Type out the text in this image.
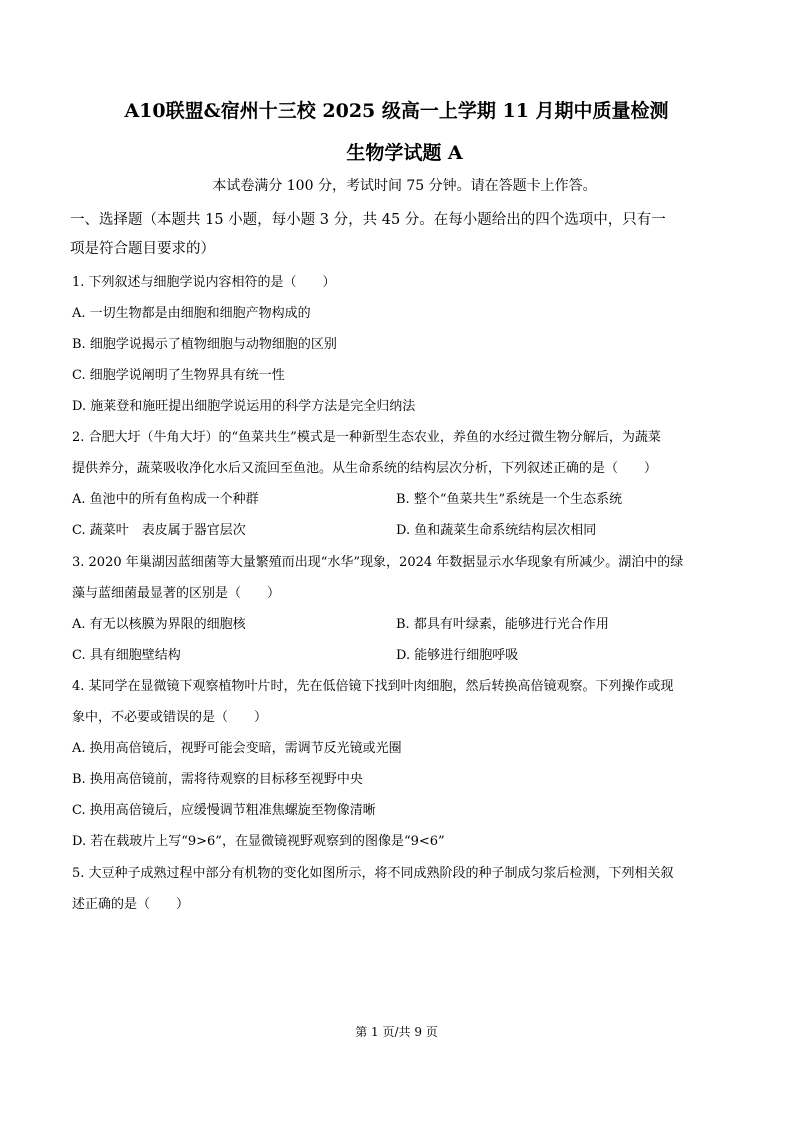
A10联盟&宿州十三校 2025 级高一上学期 11 月期中质量检测
生物学试题 A
本试卷满分 100 分，考试时间 75 分钟。请在答题卡上作答。
一、选择题（本题共 15 小题，每小题 3 分，共 45 分。在每小题给出的四个选项中，只有一
项是符合题目要求的）
1. 下列叙述与细胞学说内容相符的是（　　）
A. 一切生物都是由细胞和细胞产物构成的
B. 细胞学说揭示了植物细胞与动物细胞的区别
C. 细胞学说阐明了生物界具有统一性
D. 施莱登和施旺提出细胞学说运用的科学方法是完全归纳法
2. 合肥大圩（牛角大圩）的“鱼菜共生”模式是一种新型生态农业，养鱼的水经过微生物分解后，为蔬菜
提供养分，蔬菜吸收净化水后又流回至鱼池。从生命系统的结构层次分析，下列叙述正确的是（　　）
A. 鱼池中的所有鱼构成一个种群	B. 整个“鱼菜共生”系统是一个生态系统
C. 蔬菜叶　表皮属于器官层次	D. 鱼和蔬菜生命系统结构层次相同
3. 2020 年巢湖因蓝细菌等大量繁殖而出现“水华”现象，2024 年数据显示水华现象有所减少。湖泊中的绿
藻与蓝细菌最显著的区别是（　　）
A. 有无以核膜为界限的细胞核	B. 都具有叶绿素，能够进行光合作用
C. 具有细胞壁结构	D. 能够进行细胞呼吸
4. 某同学在显微镜下观察植物叶片时，先在低倍镜下找到叶肉细胞，然后转换高倍镜观察。下列操作或现
象中，不必要或错误的是（　　）
A. 换用高倍镜后，视野可能会变暗，需调节反光镜或光圈
B. 换用高倍镜前，需将待观察的目标移至视野中央
C. 换用高倍镜后，应缓慢调节粗准焦螺旋至物像清晰
D. 若在载玻片上写“9>6”，在显微镜视野观察到的图像是“9<6”
5. 大豆种子成熟过程中部分有机物的变化如图所示，将不同成熟阶段的种子制成匀浆后检测，下列相关叙
述正确的是（　　）
第 1 页/共 9 页
